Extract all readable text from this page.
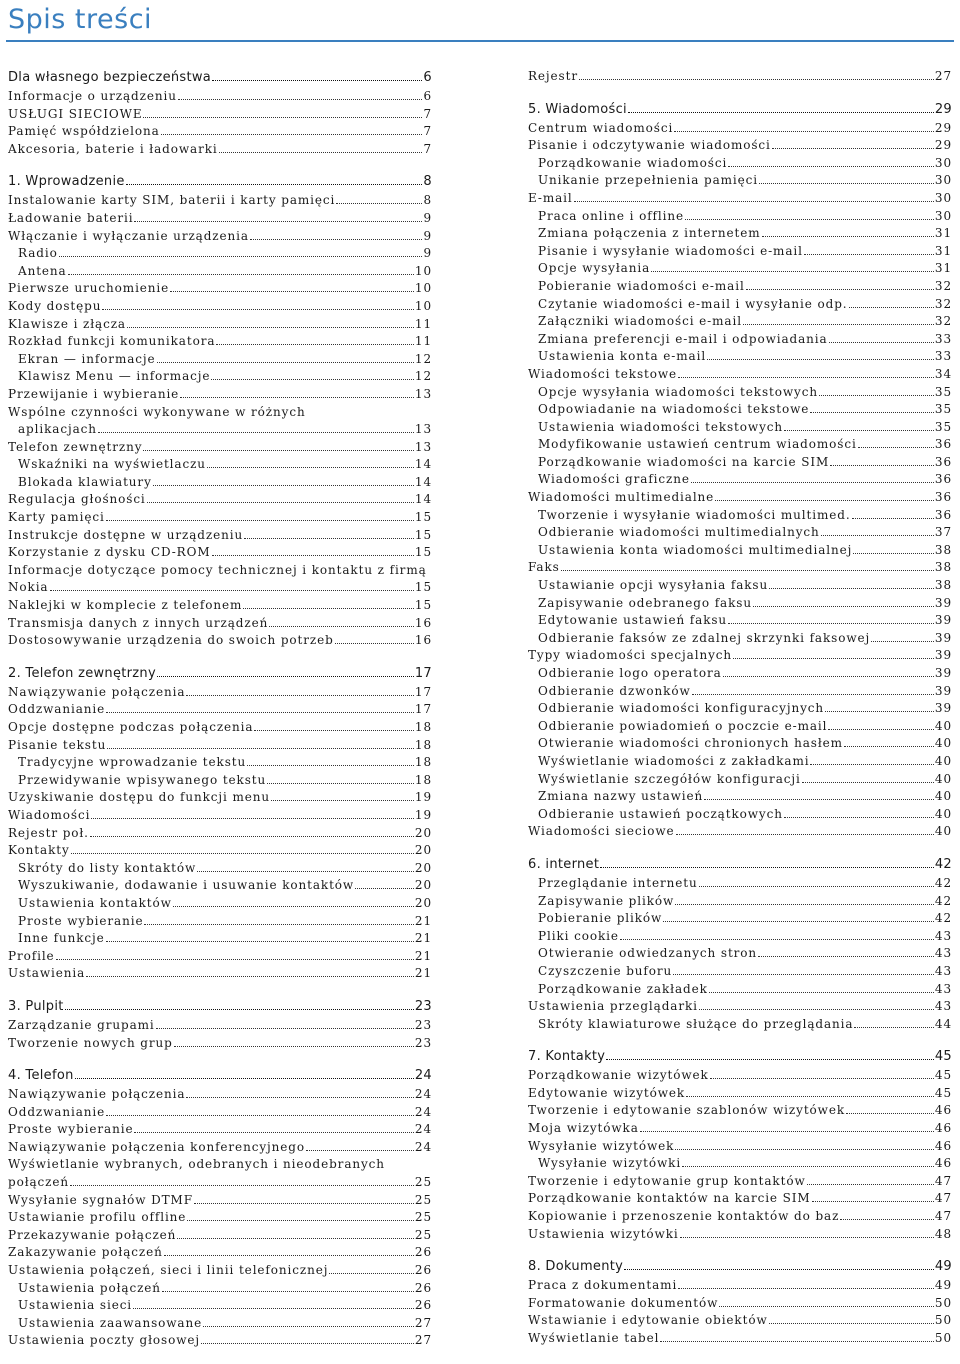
Spis treści
Dla własnego bezpieczeństwa	6
Informacje o urządzeniu	6
USŁUGI SIECIOWE	7
Pamięć współdzielona	7
Akcesoria, baterie i ładowarki	7
1. Wprowadzenie	8
Instalowanie karty SIM, baterii i karty pamięci	8
Ładowanie baterii	9
Włączanie i wyłączanie urządzenia	9
Radio	9
Antena	10
Pierwsze uruchomienie	10
Kody dostępu	10
Klawisze i złącza	11
Rozkład funkcji komunikatora	11
Ekran — informacje	12
Klawisz Menu — informacje	12
Przewijanie i wybieranie	13
Wspólne czynności wykonywane w różnych
aplikacjach	13
Telefon zewnętrzny	13
Wskaźniki na wyświetlaczu	14
Blokada klawiatury	14
Regulacja głośności	14
Karty pamięci	15
Instrukcje dostępne w urządzeniu	15
Korzystanie z dysku CD-ROM	15
Informacje dotyczące pomocy technicznej i kontaktu z firmą
Nokia	15
Naklejki w komplecie z telefonem	15
Transmisja danych z innych urządzeń	16
Dostosowywanie urządzenia do swoich potrzeb	16
2. Telefon zewnętrzny	17
Nawiązywanie połączenia	17
Oddzwanianie	17
Opcje dostępne podczas połączenia	18
Pisanie tekstu	18
Tradycyjne wprowadzanie tekstu	18
Przewidywanie wpisywanego tekstu	18
Uzyskiwanie dostępu do funkcji menu	19
Wiadomości	19
Rejestr poł.	20
Kontakty	20
Skróty do listy kontaktów	20
Wyszukiwanie, dodawanie i usuwanie kontaktów	20
Ustawienia kontaktów	20
Proste wybieranie	21
Inne funkcje	21
Profile	21
Ustawienia	21
3. Pulpit	23
Zarządzanie grupami	23
Tworzenie nowych grup	23
4. Telefon	24
Nawiązywanie połączenia	24
Oddzwanianie	24
Proste wybieranie	24
Nawiązywanie połączenia konferencyjnego	24
Wyświetlanie wybranych, odebranych i nieodebranych
połączeń	25
Wysyłanie sygnałów DTMF	25
Ustawianie profilu offline	25
Przekazywanie połączeń	25
Zakazywanie połączeń	26
Ustawienia połączeń, sieci i linii telefonicznej	26
Ustawienia połączeń	26
Ustawienia sieci	26
Ustawienia zaawansowane	27
Ustawienia poczty głosowej	27
Rejestr	27
5. Wiadomości	29
Centrum wiadomości	29
Pisanie i odczytywanie wiadomości	29
Porządkowanie wiadomości	30
Unikanie przepełnienia pamięci	30
E-mail	30
Praca online i offline	30
Zmiana połączenia z internetem	31
Pisanie i wysyłanie wiadomości e-mail	31
Opcje wysyłania	31
Pobieranie wiadomości e-mail	32
Czytanie wiadomości e-mail i wysyłanie odp.	32
Załączniki wiadomości e-mail	32
Zmiana preferencji e-mail i odpowiadania	33
Ustawienia konta e-mail	33
Wiadomości tekstowe	34
Opcje wysyłania wiadomości tekstowych	35
Odpowiadanie na wiadomości tekstowe	35
Ustawienia wiadomości tekstowych	35
Modyfikowanie ustawień centrum wiadomości	36
Porządkowanie wiadomości na karcie SIM	36
Wiadomości graficzne	36
Wiadomości multimedialne	36
Tworzenie i wysyłanie wiadomości multimed.	36
Odbieranie wiadomości multimedialnych	37
Ustawienia konta wiadomości multimedialnej	38
Faks	38
Ustawianie opcji wysyłania faksu	38
Zapisywanie odebranego faksu	39
Edytowanie ustawień faksu	39
Odbieranie faksów ze zdalnej skrzynki faksowej	39
Typy wiadomości specjalnych	39
Odbieranie logo operatora	39
Odbieranie dzwonków	39
Odbieranie wiadomości konfiguracyjnych	39
Odbieranie powiadomień o poczcie e-mail	40
Otwieranie wiadomości chronionych hasłem	40
Wyświetlanie wiadomości z zakładkami	40
Wyświetlanie szczegółów konfiguracji	40
Zmiana nazwy ustawień	40
Odbieranie ustawień początkowych	40
Wiadomości sieciowe	40
6. internet	42
Przeglądanie internetu	42
Zapisywanie plików	42
Pobieranie plików	42
Pliki cookie	43
Otwieranie odwiedzanych stron	43
Czyszczenie buforu	43
Porządkowanie zakładek	43
Ustawienia przeglądarki	43
Skróty klawiaturowe służące do przeglądania	44
7. Kontakty	45
Porządkowanie wizytówek	45
Edytowanie wizytówek	45
Tworzenie i edytowanie szablonów wizytówek	46
Moja wizytówka	46
Wysyłanie wizytówek	46
Wysyłanie wizytówki	46
Tworzenie i edytowanie grup kontaktów	47
Porządkowanie kontaktów na karcie SIM	47
Kopiowanie i przenoszenie kontaktów do baz	47
Ustawienia wizytówki	48
8. Dokumenty	49
Praca z dokumentami	49
Formatowanie dokumentów	50
Wstawianie i edytowanie obiektów	50
Wyświetlanie tabel	50
